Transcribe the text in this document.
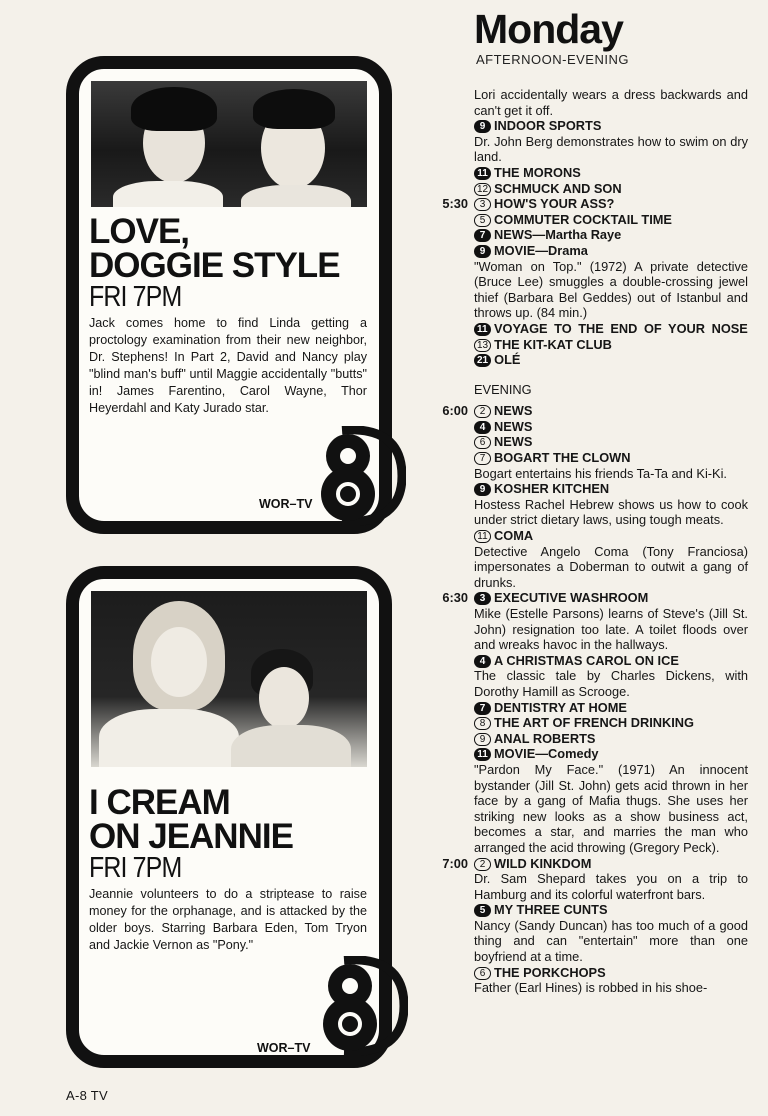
LOVE,
DOGGIE STYLE
FRI 7PM

Jack comes home to find Linda getting a proctology examination from their new neighbor, Dr. Stephens! In Part 2, David and Nancy play "blind man's buff" until Maggie accidentally "butts" in! James Farentino, Carol Wayne, Thor Heyerdahl and Katy Jurado star.

WOR–TV
I CREAM
ON JEANNIE
FRI 7PM

Jeannie volunteers to do a striptease to raise money for the orphanage, and is attacked by the older boys. Starring Barbara Eden, Tom Tryon and Jackie Vernon as "Pony."

WOR–TV
Monday
AFTERNOON-EVENING

Lori accidentally wears a dress backwards and can't get it off.

9 INDOOR SPORTS

Dr. John Berg demonstrates how to swim on dry land.

11 THE MORONS
12 SCHMUCK AND SON
5:30 3 HOW'S YOUR ASS?
5 COMMUTER COCKTAIL TIME
7 NEWS—Martha Raye
9 MOVIE—Drama

"Woman on Top." (1972) A private detective (Bruce Lee) smuggles a double-crossing jewel thief (Barbara Bel Geddes) out of Istanbul and throws up. (84 min.)

11 VOYAGE TO THE END OF YOUR NOSE
13 THE KIT-KAT CLUB
21 OLÉ
EVENING
6:00 2 NEWS
4 NEWS
6 NEWS
7 BOGART THE CLOWN

Bogart entertains his friends Ta-Ta and Ki-Ki.

9 KOSHER KITCHEN

Hostess Rachel Hebrew shows us how to cook under strict dietary laws, using tough meats.

11 COMA

Detective Angelo Coma (Tony Franciosa) impersonates a Doberman to outwit a gang of drunks.

6:30 3 EXECUTIVE WASHROOM

Mike (Estelle Parsons) learns of Steve's (Jill St. John) resignation too late. A toilet floods over and wreaks havoc in the hallways.

4 A CHRISTMAS CAROL ON ICE

The classic tale by Charles Dickens, with Dorothy Hamill as Scrooge.

7 DENTISTRY AT HOME
8 THE ART OF FRENCH DRINKING
9 ANAL ROBERTS
11 MOVIE—Comedy

"Pardon My Face." (1971) An innocent bystander (Jill St. John) gets acid thrown in her face by a gang of Mafia thugs. She uses her striking new looks as a show business act, becomes a star, and marries the man who arranged the acid throwing (Gregory Peck).

7:00 2 WILD KINKDOM

Dr. Sam Shepard takes you on a trip to Hamburg and its colorful waterfront bars.

5 MY THREE CUNTS

Nancy (Sandy Duncan) has too much of a good thing and can "entertain" more than one boyfriend at a time.

6 THE PORKCHOPS

Father (Earl Hines) is robbed in his shoe-

A-8 TV
